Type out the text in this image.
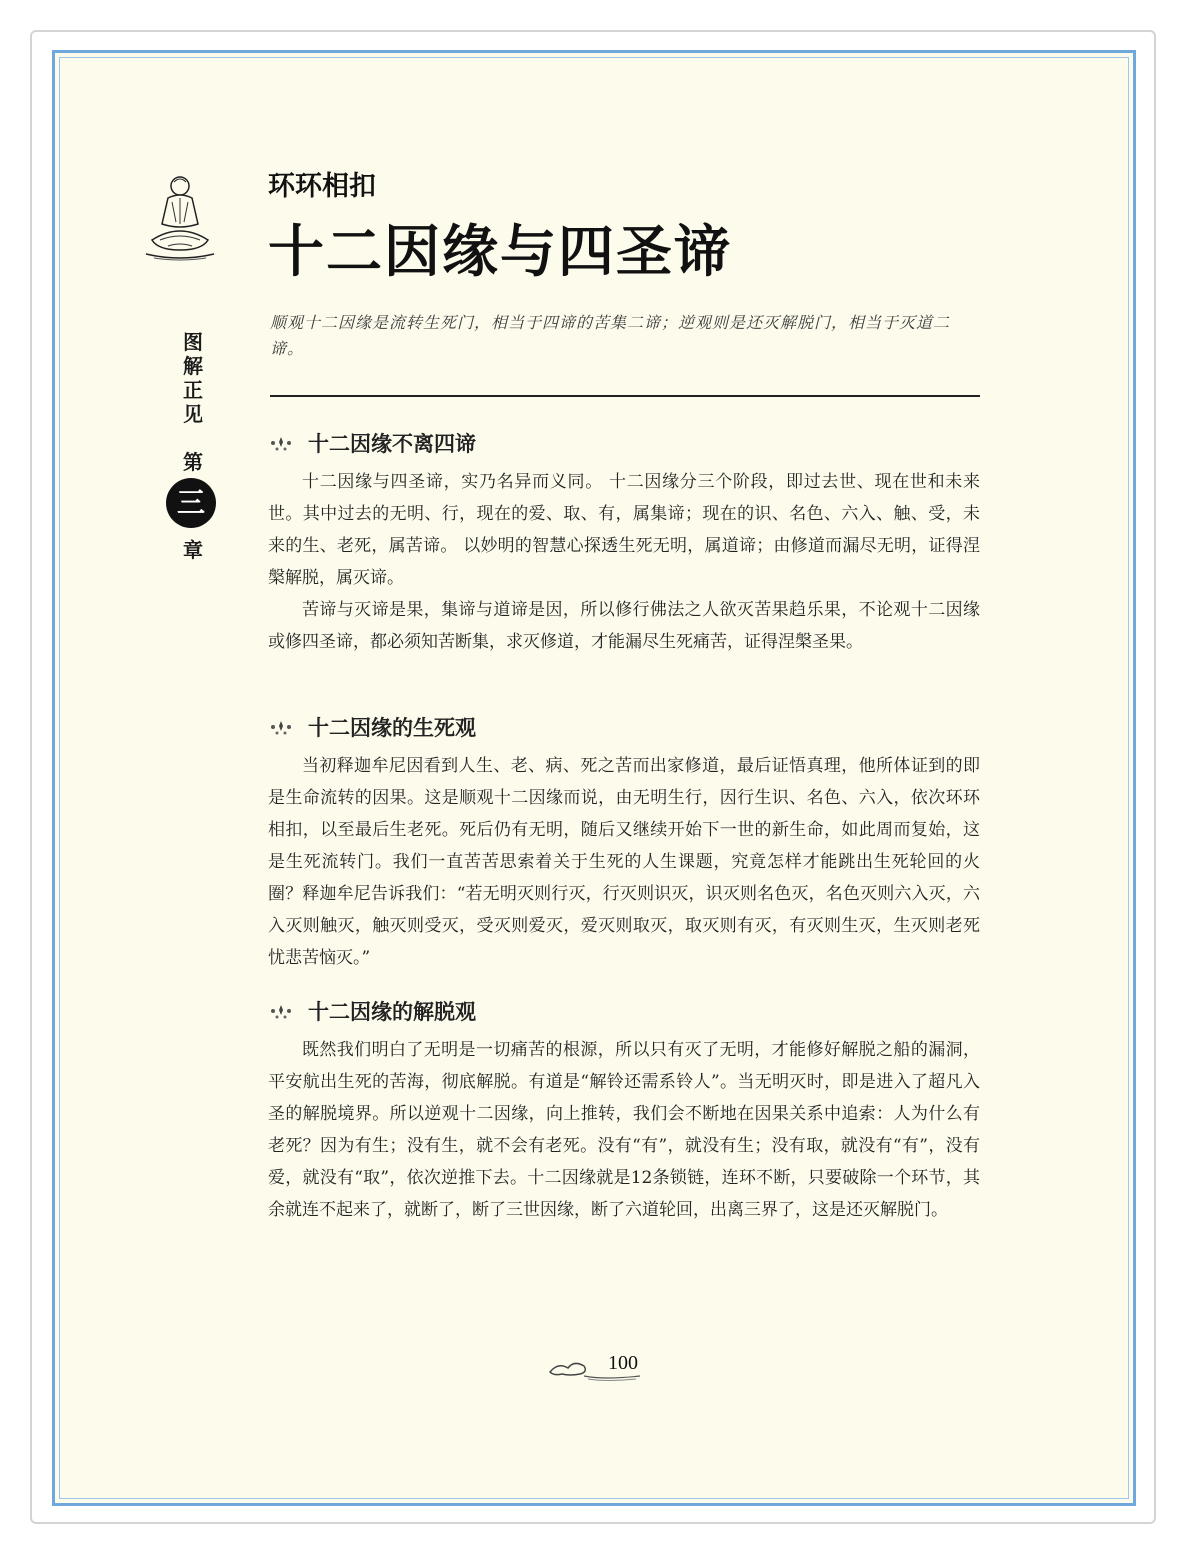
图
解
正
见
第
三
章
环环相扣
十二因缘与四圣谛
顺观十二因缘是流转生死门，相当于四谛的苦集二谛；逆观则是还灭解脱门，相当于灭道二谛。
十二因缘不离四谛

十二因缘与四圣谛，实乃名异而义同。 十二因缘分三个阶段，即过去世、现在世和未来世。其中过去的无明、行，现在的爱、取、有，属集谛；现在的识、名色、六入、触、受，未来的生、老死，属苦谛。 以妙明的智慧心探透生死无明，属道谛；由修道而漏尽无明，证得涅槃解脱，属灭谛。

苦谛与灭谛是果，集谛与道谛是因，所以修行佛法之人欲灭苦果趋乐果，不论观十二因缘或修四圣谛，都必须知苦断集，求灭修道，才能漏尽生死痛苦，证得涅槃圣果。

十二因缘的生死观

当初释迦牟尼因看到人生、老、病、死之苦而出家修道，最后证悟真理，他所体证到的即是生命流转的因果。这是顺观十二因缘而说，由无明生行，因行生识、名色、六入，依次环环相扣，以至最后生老死。死后仍有无明，随后又继续开始下一世的新生命，如此周而复始，这是生死流转门。我们一直苦苦思索着关于生死的人生课题，究竟怎样才能跳出生死轮回的火圈？释迦牟尼告诉我们：“若无明灭则行灭，行灭则识灭，识灭则名色灭，名色灭则六入灭，六入灭则触灭，触灭则受灭，受灭则爱灭，爱灭则取灭，取灭则有灭，有灭则生灭，生灭则老死忧悲苦恼灭。”

十二因缘的解脱观

既然我们明白了无明是一切痛苦的根源，所以只有灭了无明，才能修好解脱之船的漏洞，平安航出生死的苦海，彻底解脱。有道是“解铃还需系铃人”。当无明灭时，即是进入了超凡入圣的解脱境界。所以逆观十二因缘，向上推转，我们会不断地在因果关系中追索：人为什么有老死？因为有生；没有生，就不会有老死。没有“有”，就没有生；没有取，就没有“有”，没有爱，就没有“取”，依次逆推下去。十二因缘就是12条锁链，连环不断，只要破除一个环节，其余就连不起来了，就断了，断了三世因缘，断了六道轮回，出离三界了，这是还灭解脱门。

100
